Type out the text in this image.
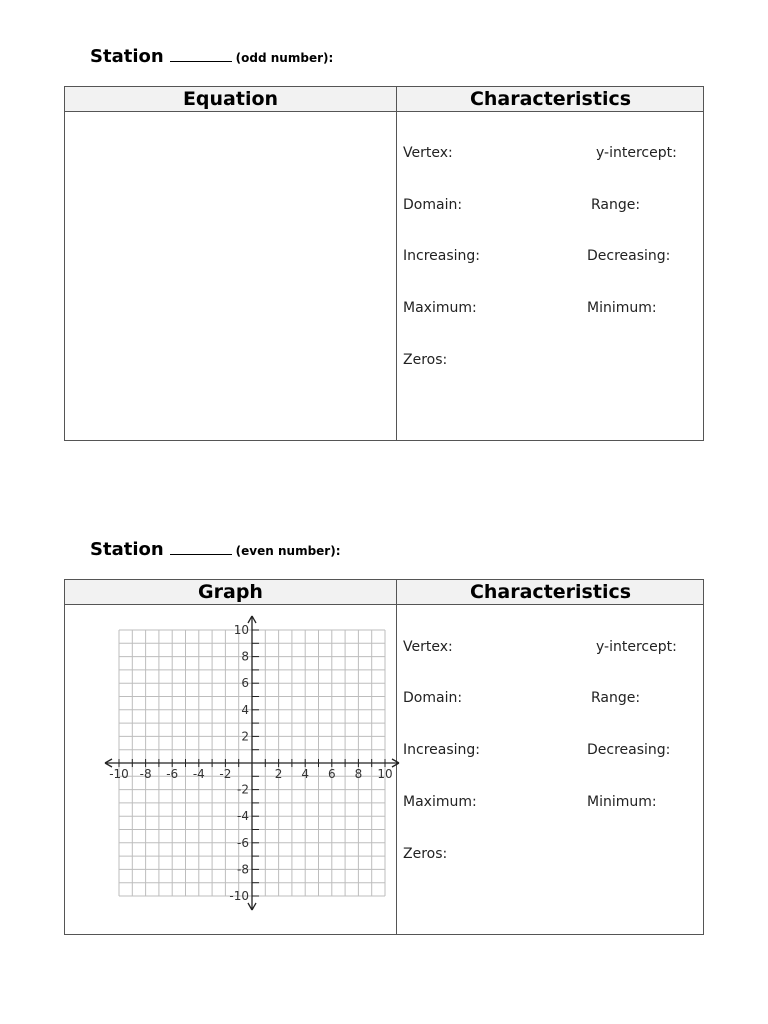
Station	(odd number):
Equation	Characteristics
Vertex:	y-intercept:
Domain:	Range:
Increasing:	Decreasing:
Maximum:	Minimum:
Zeros:
Station	(even number):
Graph	Characteristics
-10 -8 -6 -4 -2	2 4 6 8 10
10
8
6
4
2
-2
-4
-6
-8
-10
Vertex:	y-intercept:
Domain:	Range:
Increasing:	Decreasing:
Maximum:	Minimum:
Zeros:
